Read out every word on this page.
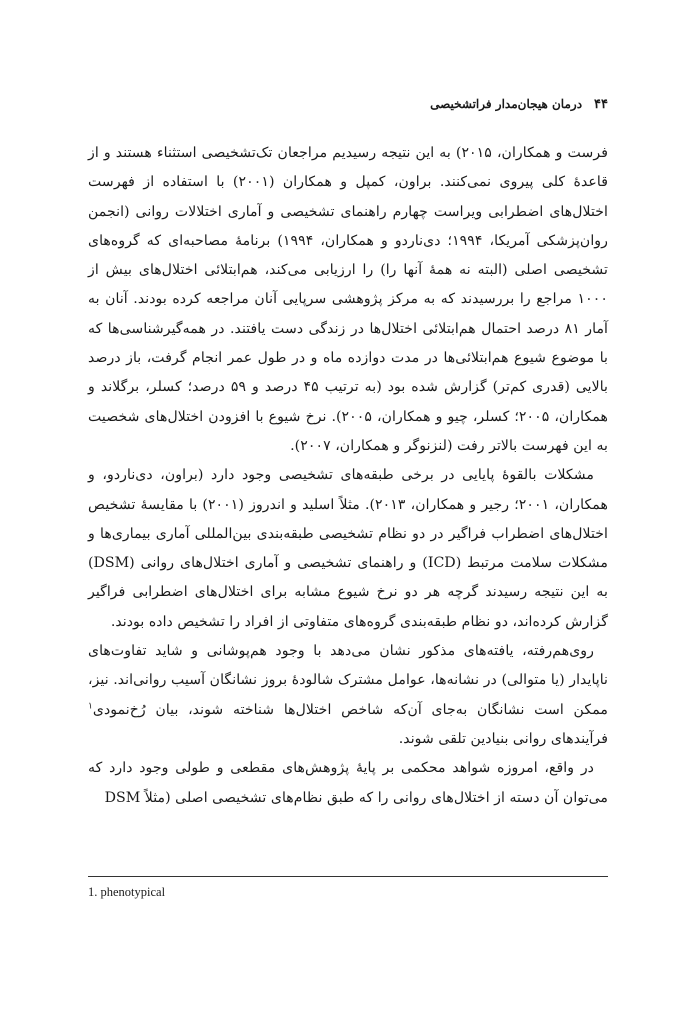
۴۴
درمان هیجان‌مدار فراتشخیصی

فرست و همکاران، ۲۰۱۵) به این نتیجه رسیدیم مراجعان تک‌تشخیصی استثناء هستند و از قاعدهٔ کلی پیروی نمی‌کنند. براون، کمپل و همکاران (۲۰۰۱) با استفاده از فهرست اختلال‌های اضطرابی ویراست چهارم راهنمای تشخیصی و آماری اختلالات روانی (انجمن روان‌پزشکی آمریکا، ۱۹۹۴؛ دی‌ناردو و همکاران، ۱۹۹۴) برنامهٔ مصاحبه‌ای که گروه‌های تشخیصی اصلی (البته نه همهٔ آنها را) را ارزیابی می‌کند، هم‌ابتلائی اختلال‌های بیش از ۱۰۰۰ مراجع را بررسیدند که به مرکز پژوهشی سرپایی آنان مراجعه کرده بودند. آنان به آمار ۸۱ درصد احتمال هم‌ابتلائی اختلال‌ها در زندگی دست یافتند. در همه‌گیرشناسی‌ها که با موضوع شیوع هم‌ابتلائی‌ها در مدت دوازده ماه و در طول عمر انجام گرفت، باز درصد بالایی (قدری کم‌تر) گزارش شده بود (به ترتیب ۴۵ درصد و ۵۹ درصد؛ کسلر، برگلاند و همکاران، ۲۰۰۵؛ کسلر، چیو و همکاران، ۲۰۰۵). نرخ شیوع با افزودن اختلال‌های شخصیت به این فهرست بالاتر رفت (لنزنوگر و همکاران، ۲۰۰۷).

مشکلات بالقوهٔ پایایی در برخی طبقه‌های تشخیصی وجود دارد (براون، دی‌ناردو، و همکاران، ۲۰۰۱؛ رجیر و همکاران، ۲۰۱۳). مثلاً اسلید و اندروز (۲۰۰۱) با مقایسهٔ تشخیص اختلال‌های اضطراب فراگیر در دو نظام تشخیصی طبقه‌بندی بین‌المللی آماری بیماری‌ها و مشکلات سلامت مرتبط (ICD) و راهنمای تشخیصی و آماری اختلال‌های روانی (DSM) به این نتیجه رسیدند گرچه هر دو نرخ شیوع مشابه برای اختلال‌های اضطرابی فراگیر گزارش کرده‌اند، دو نظام طبقه‌بندی گروه‌های متفاوتی از افراد را تشخیص داده بودند.

روی‌هم‌رفته، یافته‌های مذکور نشان می‌دهد با وجود هم‌پوشانی و شاید تفاوت‌های ناپایدار (یا متوالی) در نشانه‌ها، عوامل مشترک شالودهٔ بروز نشانگان آسیب روانی‌اند. نیز، ممکن است نشانگان به‌جای آن‌که شاخص اختلال‌ها شناخته شوند، بیان رُخ‌نمودی$^۱$ فرآیندهای روانی بنیادین تلقی شوند.

در واقع، امروزه شواهد محکمی بر پایهٔ پژوهش‌های مقطعی و طولی وجود دارد که می‌توان آن دسته از اختلال‌های روانی را که طبق نظام‌های تشخیصی اصلی (مثلاً DSM

1. phenotypical
